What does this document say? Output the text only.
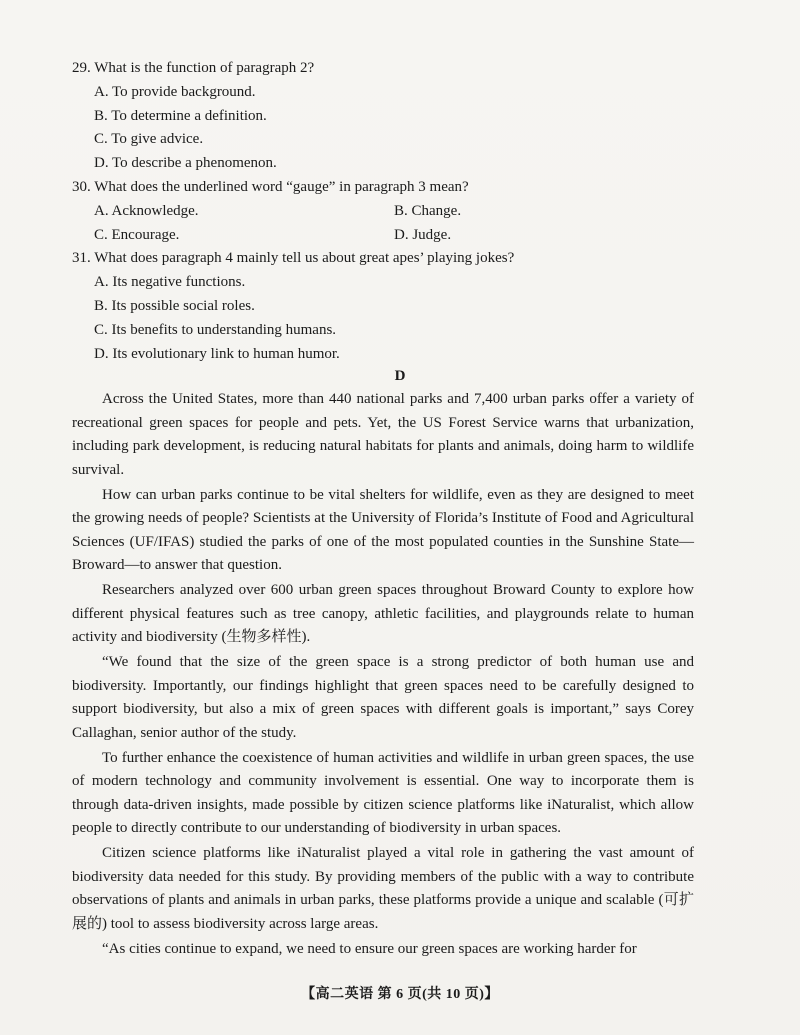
29. What is the function of paragraph 2?
A. To provide background.
B. To determine a definition.
C. To give advice.
D. To describe a phenomenon.
30. What does the underlined word “gauge” in paragraph 3 mean?
A. Acknowledge.	B. Change.
C. Encourage.	D. Judge.
31. What does paragraph 4 mainly tell us about great apes’ playing jokes?
A. Its negative functions.
B. Its possible social roles.
C. Its benefits to understanding humans.
D. Its evolutionary link to human humor.
D

Across the United States, more than 440 national parks and 7,400 urban parks offer a variety of recreational green spaces for people and pets. Yet, the US Forest Service warns that urbanization, including park development, is reducing natural habitats for plants and animals, doing harm to wildlife survival.

How can urban parks continue to be vital shelters for wildlife, even as they are designed to meet the growing needs of people? Scientists at the University of Florida’s Institute of Food and Agricultural Sciences (UF/IFAS) studied the parks of one of the most populated counties in the Sunshine State—Broward—to answer that question.

Researchers analyzed over 600 urban green spaces throughout Broward County to explore how different physical features such as tree canopy, athletic facilities, and playgrounds relate to human activity and biodiversity (生物多样性).

“We found that the size of the green space is a strong predictor of both human use and biodiversity. Importantly, our findings highlight that green spaces need to be carefully designed to support biodiversity, but also a mix of green spaces with different goals is important,” says Corey Callaghan, senior author of the study.

To further enhance the coexistence of human activities and wildlife in urban green spaces, the use of modern technology and community involvement is essential. One way to incorporate them is through data-driven insights, made possible by citizen science platforms like iNaturalist, which allow people to directly contribute to our understanding of biodiversity in urban spaces.

Citizen science platforms like iNaturalist played a vital role in gathering the vast amount of biodiversity data needed for this study. By providing members of the public with a way to contribute observations of plants and animals in urban parks, these platforms provide a unique and scalable (可扩展的) tool to assess biodiversity across large areas.

“As cities continue to expand, we need to ensure our green spaces are working harder for

【高二英语 第 6 页(共 10 页)】
